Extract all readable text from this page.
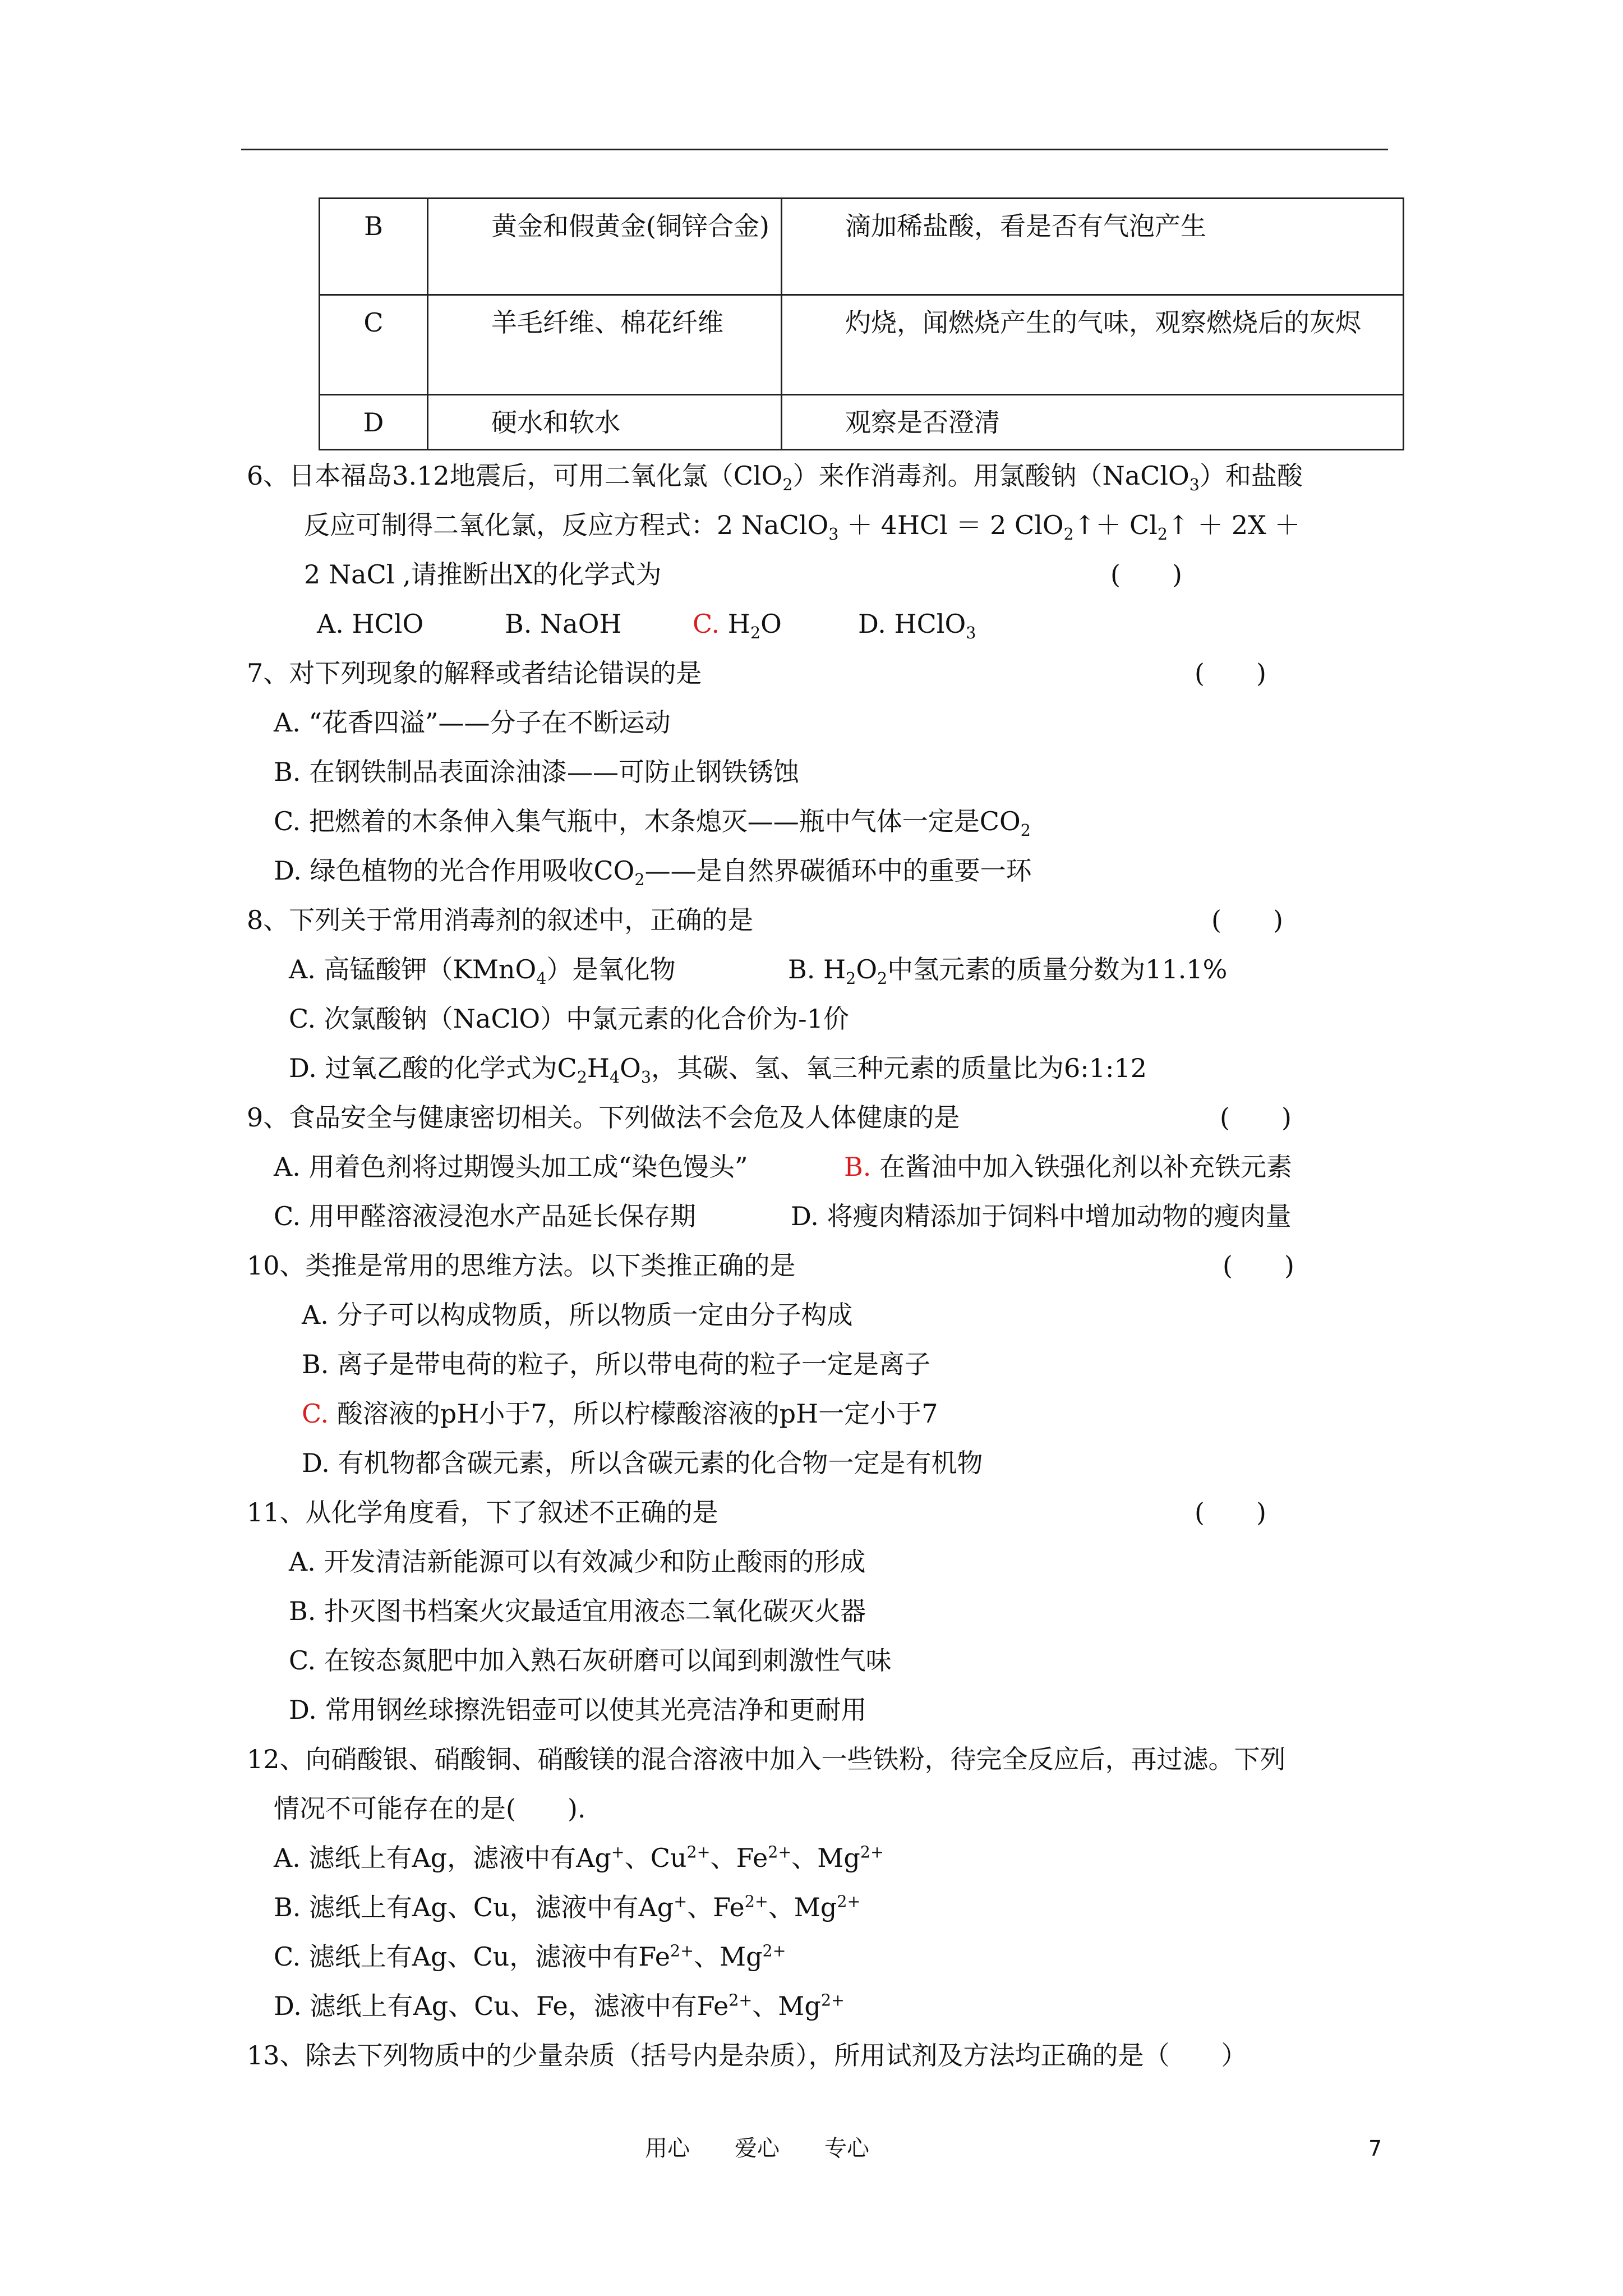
B	黄金和假黄金(铜锌合金)	滴加稀盐酸，看是否有气泡产生

C	羊毛纤维、棉花纤维	灼烧，闻燃烧产生的气味，观察燃烧后的灰烬

D	硬水和软水	观察是否澄清
6、日本福岛3.12地震后，可用二氧化氯（ClO$_2$）来作消毒剂。用氯酸钠（NaClO$_3$）和盐酸
反应可制得二氧化氯，反应方程式：2 NaClO$_3$ ＋ 4HCl ＝ 2 ClO$_2$↑＋ $Cl_2↑ + 2X$ ＋
2 NaCl ,请推断出X的化学式为	(　　)
A. HClO	B. NaOH	C. $H_2O$	D. HClO$_3$
7、对下列现象的解释或者结论错误的是	(　　)
A. “花香四溢”——分子在不断运动
B. 在钢铁制品表面涂油漆——可防止钢铁锈蚀
C. 把燃着的木条伸入集气瓶中，木条熄灭——瓶中气体一定是$CO_2$
D. 绿色植物的光合作用吸收$CO_2——$是自然界碳循环中的重要一环
8、下列关于常用消毒剂的叙述中，正确的是	(　　)
A. 高锰酸钾（KMnO$_4$）是氧化物	B. $H_2O_2$中氢元素的质量分数为11.1%
C. 次氯酸钠（NaClO）中氯元素的化合价为-1价
D. 过氧乙酸的化学式为$C_2H_4O_3$，其碳、氢、氧三种元素的质量比为6:1:12
9、食品安全与健康密切相关。下列做法不会危及人体健康的是	(　　)
A. 用着色剂将过期馒头加工成“染色馒头”	B. 在酱油中加入铁强化剂以补充铁元素
C. 用甲醛溶液浸泡水产品延长保存期	D. 将瘦肉精添加于饲料中增加动物的瘦肉量
10、类推是常用的思维方法。以下类推正确的是	(　　)
A. 分子可以构成物质，所以物质一定由分子构成
B. 离子是带电荷的粒子，所以带电荷的粒子一定是离子
C. 酸溶液的pH小于7，所以柠檬酸溶液的pH一定小于7
D. 有机物都含碳元素，所以含碳元素的化合物一定是有机物
11、从化学角度看，下了叙述不正确的是	(　　)
A. 开发清洁新能源可以有效减少和防止酸雨的形成
B. 扑灭图书档案火灾最适宜用液态二氧化碳灭火器
C. 在铵态氮肥中加入熟石灰研磨可以闻到刺激性气味
D. 常用钢丝球擦洗铝壶可以使其光亮洁净和更耐用
12、向硝酸银、硝酸铜、硝酸镁的混合溶液中加入一些铁粉，待完全反应后，再过滤。下列
情况不可能存在的是(　　).
A. 滤纸上有Ag，滤液中有Ag+、$Cu^{2+}$、$Fe^{2+}$、$Mg^{2+}$
B. 滤纸上有Ag、Cu，滤液中有Ag+、$Fe^{2+}$、$Mg^{2+}$
C. 滤纸上有Ag、Cu，滤液中有$Fe^{2+}$、$Mg^{2+}$
D. 滤纸上有Ag、Cu、Fe，滤液中有$Fe^{2+}$、$Mg^{2+}$
13、除去下列物质中的少量杂质（括号内是杂质），所用试剂及方法均正确的是（　　）
用心　　爱心　　专心	7
